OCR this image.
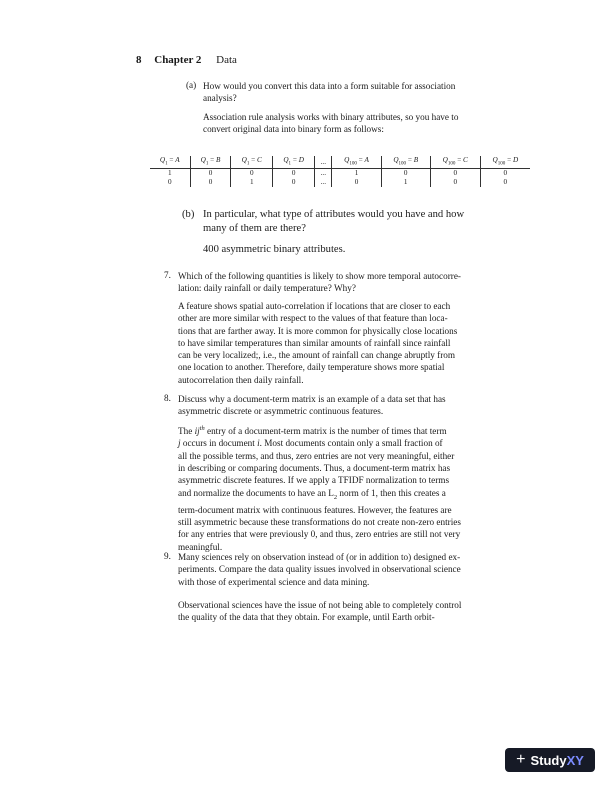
8 Chapter 2 Data
(a) How would you convert this data into a form suitable for association
analysis?
Association rule analysis works with binary attributes, so you have to
convert original data into binary form as follows:
$Q_1 = A$	$Q_1 = B$	$Q_1 = C$	$Q_1 = D$	...	$Q_{100} = A$	$Q_{100} = B$	$Q_{100} = C$	$Q_{100} = D$
1	0	0	0	...	1	0	0	0
0	0	1	0	...	0	1	0	0
(b) In particular, what type of attributes would you have and how
many of them are there?
400 asymmetric binary attributes.
7. Which of the following quantities is likely to show more temporal autocorre-
lation: daily rainfall or daily temperature? Why?
A feature shows spatial auto-correlation if locations that are closer to each
other are more similar with respect to the values of that feature than loca-
tions that are farther away. It is more common for physically close locations
to have similar temperatures than similar amounts of rainfall since rainfall
can be very localized;, i.e., the amount of rainfall can change abruptly from
one location to another. Therefore, daily temperature shows more spatial
autocorrelation then daily rainfall.
8. Discuss why a document-term matrix is an example of a data set that has
asymmetric discrete or asymmetric continuous features.
The $ij^{th}$ entry of a document-term matrix is the number of times that term
j occurs in document i. Most documents contain only a small fraction of
all the possible terms, and thus, zero entries are not very meaningful, either
in describing or comparing documents. Thus, a document-term matrix has
asymmetric discrete features. If we apply a TFIDF normalization to terms
and normalize the documents to have an $L_2$ norm of 1, then this creates a
term-document matrix with continuous features. However, the features are
still asymmetric because these transformations do not create non-zero entries
for any entries that were previously 0, and thus, zero entries are still not very
meaningful.
9. Many sciences rely on observation instead of (or in addition to) designed ex-
periments. Compare the data quality issues involved in observational science
with those of experimental science and data mining.
Observational sciences have the issue of not being able to completely control
the quality of the data that they obtain. For example, until Earth orbit-
+ StudyXY
